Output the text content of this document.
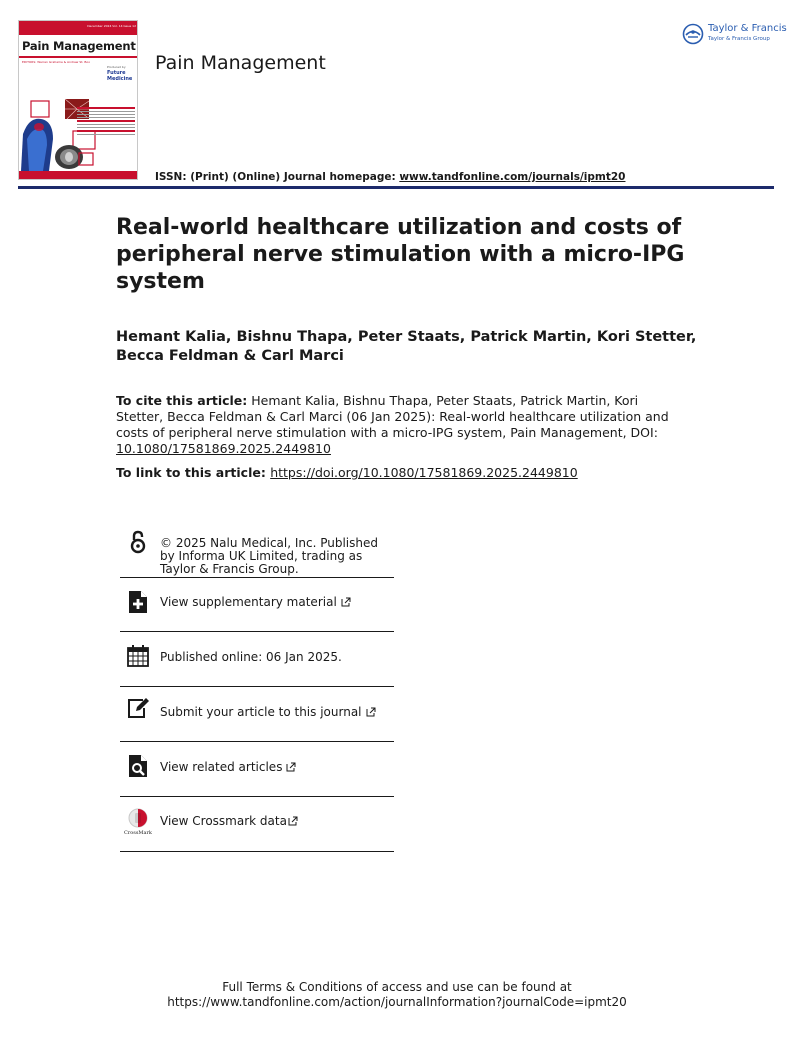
December 2024 Vol. 14 Issue 12
Pain Management
EDITORS: Warren Grahame & Andrew St. Boo
Produced by
Future Medicine
Pain Management
Taylor & Francis
Taylor & Francis Group
ISSN: (Print) (Online) Journal homepage: www.tandfonline.com/journals/ipmt20
Real-world healthcare utilization and costs of peripheral nerve stimulation with a micro-IPG system
Hemant Kalia, Bishnu Thapa, Peter Staats, Patrick Martin, Kori Stetter, Becca Feldman & Carl Marci
To cite this article: Hemant Kalia, Bishnu Thapa, Peter Staats, Patrick Martin, Kori Stetter, Becca Feldman & Carl Marci (06 Jan 2025): Real-world healthcare utilization and costs of peripheral nerve stimulation with a micro-IPG system, Pain Management, DOI: 10.1080/17581869.2025.2449810
To link to this article: https://doi.org/10.1080/17581869.2025.2449810
© 2025 Nalu Medical, Inc. Published by Informa UK Limited, trading as Taylor & Francis Group.
View supplementary material
Published online: 06 Jan 2025.
Submit your article to this journal
View related articles
CrossMark
View Crossmark data
Full Terms & Conditions of access and use can be found at
https://www.tandfonline.com/action/journalInformation?journalCode=ipmt20
